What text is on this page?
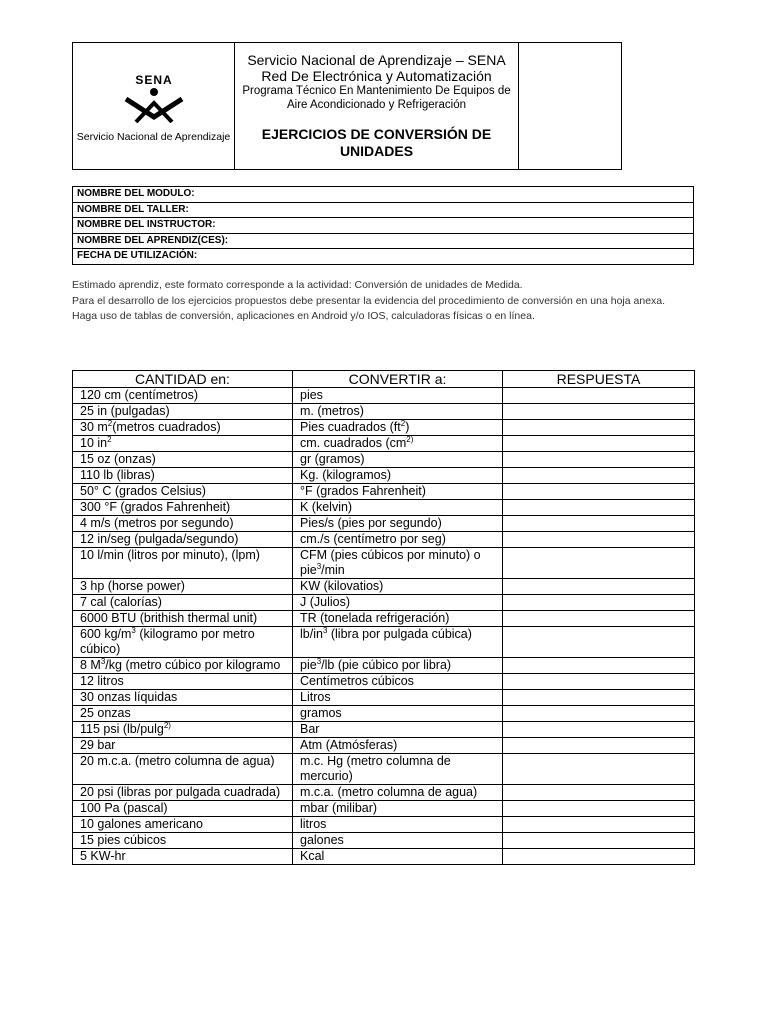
SENA
Servicio Nacional de Aprendizaje

Servicio Nacional de Aprendizaje – SENA
Red De Electrónica y Automatización
Programa Técnico En Mantenimiento De Equipos de Aire Acondicionado y Refrigeración
EJERCICIOS DE CONVERSIÓN DE UNIDADES

NOMBRE DEL MODULO:
NOMBRE DEL TALLER:
NOMBRE DEL INSTRUCTOR:
NOMBRE DEL APRENDIZ(CES):
FECHA DE UTILIZACIÓN:

Estimado aprendiz, este formato corresponde a la actividad: Conversión de unidades de Medida.

Para el desarrollo de los ejercicios propuestos debe presentar la evidencia del procedimiento de conversión en una hoja anexa. Haga uso de tablas de conversión, aplicaciones en Android y/o IOS, calculadoras físicas o en línea.

CANTIDAD en:	CONVERTIR a:	RESPUESTA
120 cm (centímetros)	pies	
25 in (pulgadas)	m. (metros)	
30 $m^2(metros$ cuadrados)	Pies cuadrados $(ft^2)$	
10 $in^2$	cm. cuadrados ($cm^{2)}$	
15 oz (onzas)	gr (gramos)	
110 lb (libras)	Kg. (kilogramos)	
50° C (grados Celsius)	°F (grados Fahrenheit)	
300 °F (grados Fahrenheit)	K (kelvin)	
4 m/s (metros por segundo)	Pies/s (pies por segundo)	
12 in/seg (pulgada/segundo)	cm./s (centímetro por seg)	
10 l/min (litros por minuto), (lpm)	CFM (pies cúbicos por minuto) o pie$^3$/min	
3 hp (horse power)	KW (kilovatios)	
7 cal (calorías)	J (Julios)	
6000 BTU (brithish thermal unit)	TR (tonelada refrigeración)	
600 $kg/m^3$ (kilogramo por metro cúbico)	$lb/in^3$ (libra por pulgada cúbica)	
8 $M^3/kg$ (metro cúbico por kilogramo	pie$^3$/lb (pie cúbico por libra)	
12 litros	Centímetros cúbicos	
30 onzas líquidas	Litros	
25 onzas	gramos	
115 psi (lb/pulg$^{2)}$	Bar	
29 bar	Atm (Atmósferas)	
20 m.c.a. (metro columna de agua)	m.c. Hg (metro columna de mercurio)	
20 psi (libras por pulgada cuadrada)	m.c.a. (metro columna de agua)	
100 Pa (pascal)	mbar (milibar)	
10 galones americano	litros	
15 pies cúbicos	galones	
5 KW-hr	Kcal	
